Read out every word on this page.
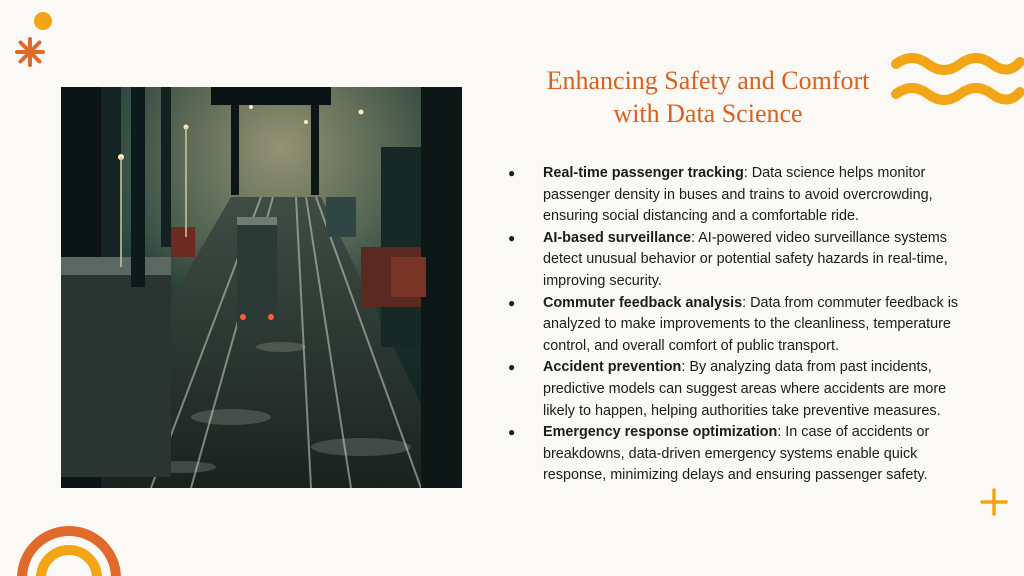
Enhancing Safety and Comfort
with Data Science
● Real-time passenger tracking: Data science helps monitor passenger density in buses and trains to avoid overcrowding, ensuring social distancing and a comfortable ride.
● AI-based surveillance: AI-powered video surveillance systems detect unusual behavior or potential safety hazards in real-time, improving security.
● Commuter feedback analysis: Data from commuter feedback is analyzed to make improvements to the cleanliness, temperature control, and overall comfort of public transport.
● Accident prevention: By analyzing data from past incidents, predictive models can suggest areas where accidents are more likely to happen, helping authorities take preventive measures.
● Emergency response optimization: In case of accidents or breakdowns, data-driven emergency systems enable quick response, minimizing delays and ensuring passenger safety.
